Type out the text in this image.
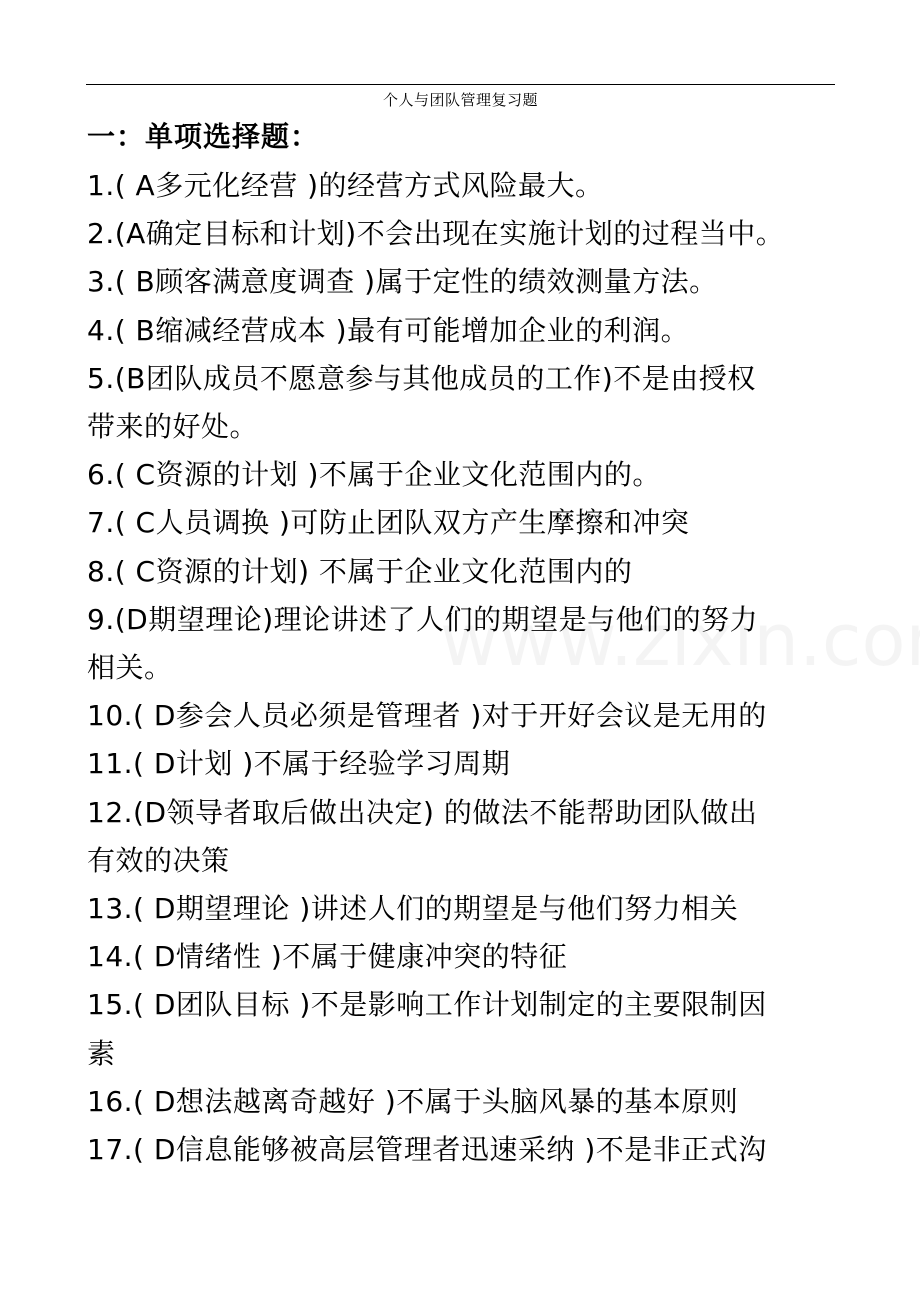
个人与团队管理复习题
一：单项选择题：
1.( A多元化经营 )的经营方式风险最大。
2.(A确定目标和计划)不会出现在实施计划的过程当中。
3.( B顾客满意度调查 )属于定性的绩效测量方法。
4.( B缩减经营成本 )最有可能增加企业的利润。
5.(B团队成员不愿意参与其他成员的工作)不是由授权
带来的好处。
6.( C资源的计划 )不属于企业文化范围内的。
7.( C人员调换 )可防止团队双方产生摩擦和冲突
8.( C资源的计划) 不属于企业文化范围内的
9.(D期望理论)理论讲述了人们的期望是与他们的努力
相关。
10.( D参会人员必须是管理者 )对于开好会议是无用的
11.( D计划 )不属于经验学习周期
12.(D领导者取后做出决定) 的做法不能帮助团队做出
有效的决策
13.( D期望理论 )讲述人们的期望是与他们努力相关
14.( D情绪性 )不属于健康冲突的特征
15.( D团队目标 )不是影响工作计划制定的主要限制因
素
16.( D想法越离奇越好 )不属于头脑风暴的基本原则
17.( D信息能够被高层管理者迅速采纳 )不是非正式沟
